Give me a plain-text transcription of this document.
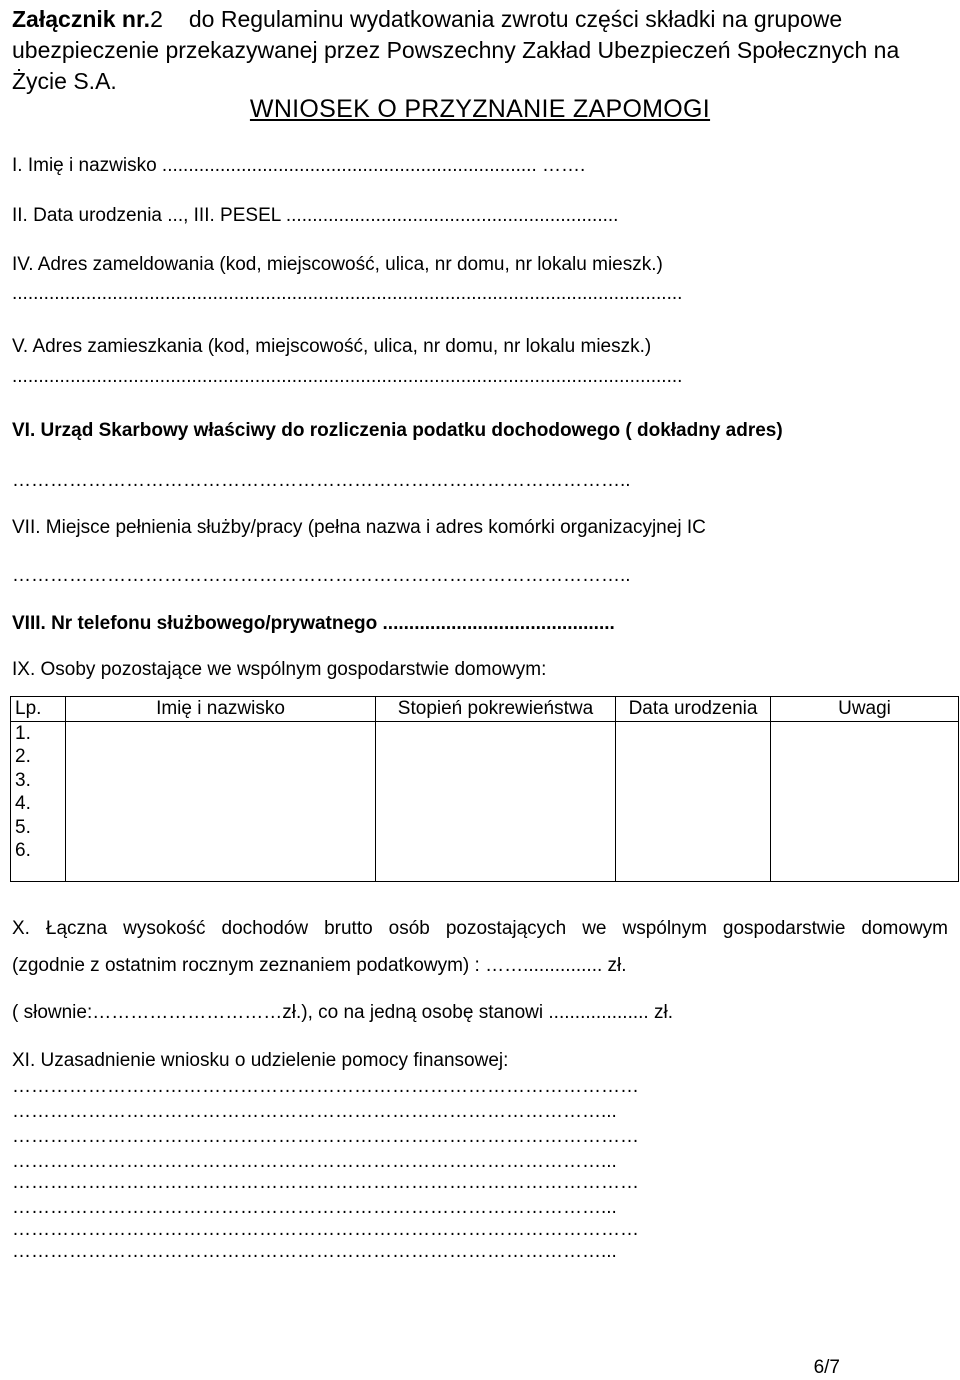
Załącznik nr.2 do Regulaminu wydatkowania zwrotu części składki na grupowe ubezpieczenie przekazywanej przez Powszechny Zakład Ubezpieczeń Społecznych na Życie S.A.
WNIOSEK O PRZYZNANIE ZAPOMOGI
I. Imię i nazwisko ....................................................................... …….
II. Data urodzenia ..., III. PESEL ...............................................................
IV. Adres zameldowania (kod, miejscowość, ulica, nr domu, nr lokalu mieszk.)
...............................................................................................................................
V. Adres zamieszkania (kod, miejscowość, ulica, nr domu, nr lokalu mieszk.)
...............................................................................................................................
VI. Urząd Skarbowy właściwy do rozliczenia podatku dochodowego ( dokładny adres)
……………………………………………………………………………………..
VII. Miejsce pełnienia służby/pracy (pełna nazwa i adres komórki organizacyjnej IC
……………………………………………………………………………………..
VIII. Nr telefonu służbowego/prywatnego ............................................
IX. Osoby pozostające we wspólnym gospodarstwie domowym:
Lp.	Imię i nazwisko	Stopień pokrewieństwa	Data urodzenia	Uwagi
1.				
2.				
3.				
4.				
5.				
6.				

X. Łączna wysokość dochodów brutto osób pozostających we wspólnym gospodarstwie domowym
(zgodnie z ostatnim rocznym zeznaniem podatkowym) : ……............... zł.
( słownie:…………………………zł.), co na jedną osobę stanowi ................... zł.
XI. Uzasadnienie wniosku o udzielenie pomocy finansowej:
………………………………………………………………………………………
…………………………………………………………………………………...
………………………………………………………………………………………
…………………………………………………………………………………...
………………………………………………………………………………………
…………………………………………………………………………………...
………………………………………………………………………………………
…………………………………………………………………………………...
6/7
